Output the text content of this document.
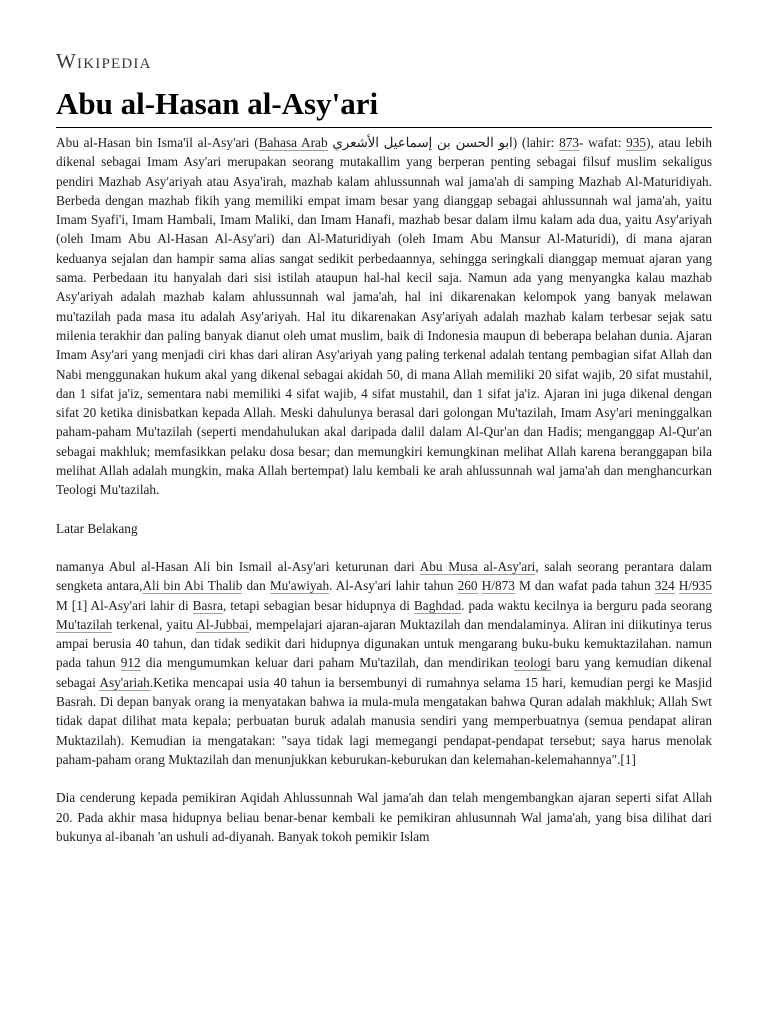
Wikipedia
Abu al-Hasan al-Asy'ari

Abu al-Hasan bin Isma'il al-Asy'ari (Bahasa Arab ابو الحسن بن إسماعيل الأشعري) (lahir: 873- wafat: 935), atau lebih dikenal sebagai Imam Asy'ari merupakan seorang mutakallim yang berperan penting sebagai filsuf muslim sekaligus pendiri Mazhab Asy'ariyah atau Asya'irah, mazhab kalam ahlussunnah wal jama'ah di samping Mazhab Al-Maturidiyah. Berbeda dengan mazhab fikih yang memiliki empat imam besar yang dianggap sebagai ahlussunnah wal jama'ah, yaitu Imam Syafi'i, Imam Hambali, Imam Maliki, dan Imam Hanafi, mazhab besar dalam ilmu kalam ada dua, yaitu Asy'ariyah (oleh Imam Abu Al-Hasan Al-Asy'ari) dan Al-Maturidiyah (oleh Imam Abu Mansur Al-Maturidi), di mana ajaran keduanya sejalan dan hampir sama alias sangat sedikit perbedaannya, sehingga seringkali dianggap memuat ajaran yang sama. Perbedaan itu hanyalah dari sisi istilah ataupun hal-hal kecil saja. Namun ada yang menyangka kalau mazhab Asy'ariyah adalah mazhab kalam ahlussunnah wal jama'ah, hal ini dikarenakan kelompok yang banyak melawan mu'tazilah pada masa itu adalah Asy'ariyah. Hal itu dikarenakan Asy'ariyah adalah mazhab kalam terbesar sejak satu milenia terakhir dan paling banyak dianut oleh umat muslim, baik di Indonesia maupun di beberapa belahan dunia. Ajaran Imam Asy'ari yang menjadi ciri khas dari aliran Asy'ariyah yang paling terkenal adalah tentang pembagian sifat Allah dan Nabi menggunakan hukum akal yang dikenal sebagai akidah 50, di mana Allah memiliki 20 sifat wajib, 20 sifat mustahil, dan 1 sifat ja'iz, sementara nabi memiliki 4 sifat wajib, 4 sifat mustahil, dan 1 sifat ja'iz. Ajaran ini juga dikenal dengan sifat 20 ketika dinisbatkan kepada Allah. Meski dahulunya berasal dari golongan Mu'tazilah, Imam Asy'ari meninggalkan paham-paham Mu'tazilah (seperti mendahulukan akal daripada dalil dalam Al-Qur'an dan Hadis; menganggap Al-Qur'an sebagai makhluk; memfasikkan pelaku dosa besar; dan memungkiri kemungkinan melihat Allah karena beranggapan bila melihat Allah adalah mungkin, maka Allah bertempat) lalu kembali ke arah ahlussunnah wal jama'ah dan menghancurkan Teologi Mu'tazilah.

Latar Belakang

namanya Abul al-Hasan Ali bin Ismail al-Asy'ari keturunan dari Abu Musa al-Asy'ari, salah seorang perantara dalam sengketa antara,Ali bin Abi Thalib dan Mu'awiyah. Al-Asy'ari lahir tahun 260 H/873 M dan wafat pada tahun 324 H/935 M [1] Al-Asy'ari lahir di Basra, tetapi sebagian besar hidupnya di Baghdad. pada waktu kecilnya ia berguru pada seorang Mu'tazilah terkenal, yaitu Al-Jubbai, mempelajari ajaran-ajaran Muktazilah dan mendalaminya. Aliran ini diikutinya terus ampai berusia 40 tahun, dan tidak sedikit dari hidupnya digunakan untuk mengarang buku-buku kemuktazilahan. namun pada tahun 912 dia mengumumkan keluar dari paham Mu'tazilah, dan mendirikan teologi baru yang kemudian dikenal sebagai Asy'ariah.Ketika mencapai usia 40 tahun ia bersembunyi di rumahnya selama 15 hari, kemudian pergi ke Masjid Basrah. Di depan banyak orang ia menyatakan bahwa ia mula-mula mengatakan bahwa Quran adalah makhluk; Allah Swt tidak dapat dilihat mata kepala; perbuatan buruk adalah manusia sendiri yang memperbuatnya (semua pendapat aliran Muktazilah). Kemudian ia mengatakan: "saya tidak lagi memegangi pendapat-pendapat tersebut; saya harus menolak paham-paham orang Muktazilah dan menunjukkan keburukan-keburukan dan kelemahan-kelemahannya".[1]

Dia cenderung kepada pemikiran Aqidah Ahlussunnah Wal jama'ah dan telah mengembangkan ajaran seperti sifat Allah 20. Pada akhir masa hidupnya beliau benar-benar kembali ke pemikiran ahlusunnah Wal jama'ah, yang bisa dilihat dari bukunya al-ibanah 'an ushuli ad-diyanah. Banyak tokoh pemikir Islam
